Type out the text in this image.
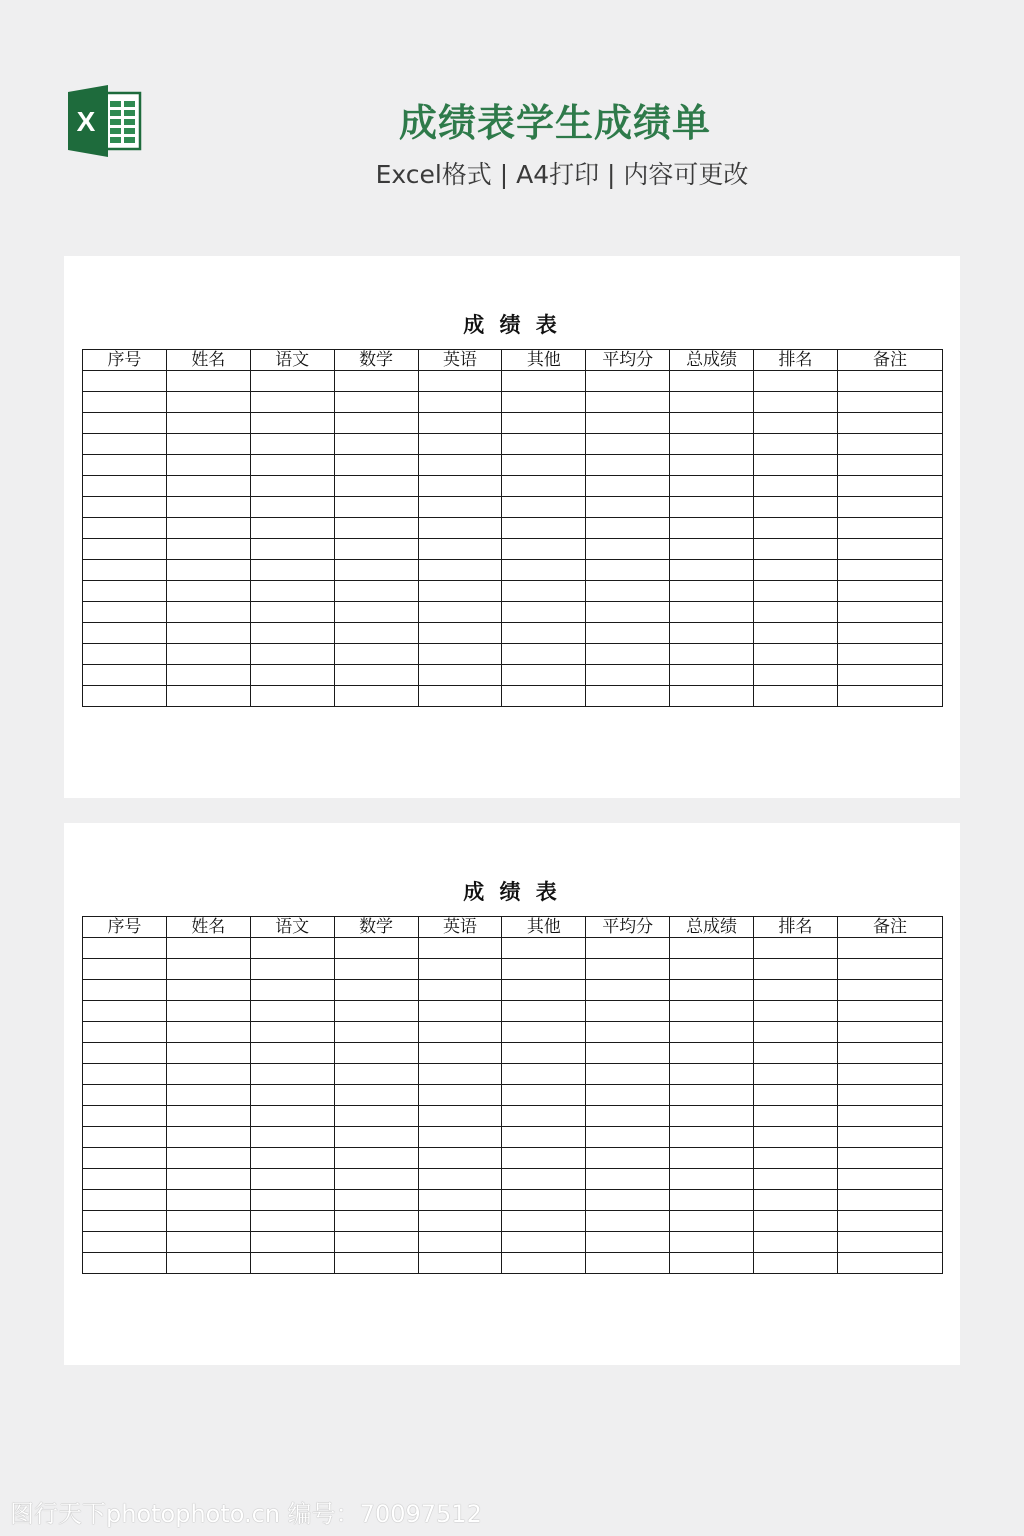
X	成绩表学生成绩单
Excel格式 | A4打印 | 内容可更改
成 绩 表
序号	姓名	语文	数学	英语	其他	平均分	总成绩	排名	备注

成 绩 表
序号	姓名	语文	数学	英语	其他	平均分	总成绩	排名	备注

图行天下photophoto.cn 编号：70097512
